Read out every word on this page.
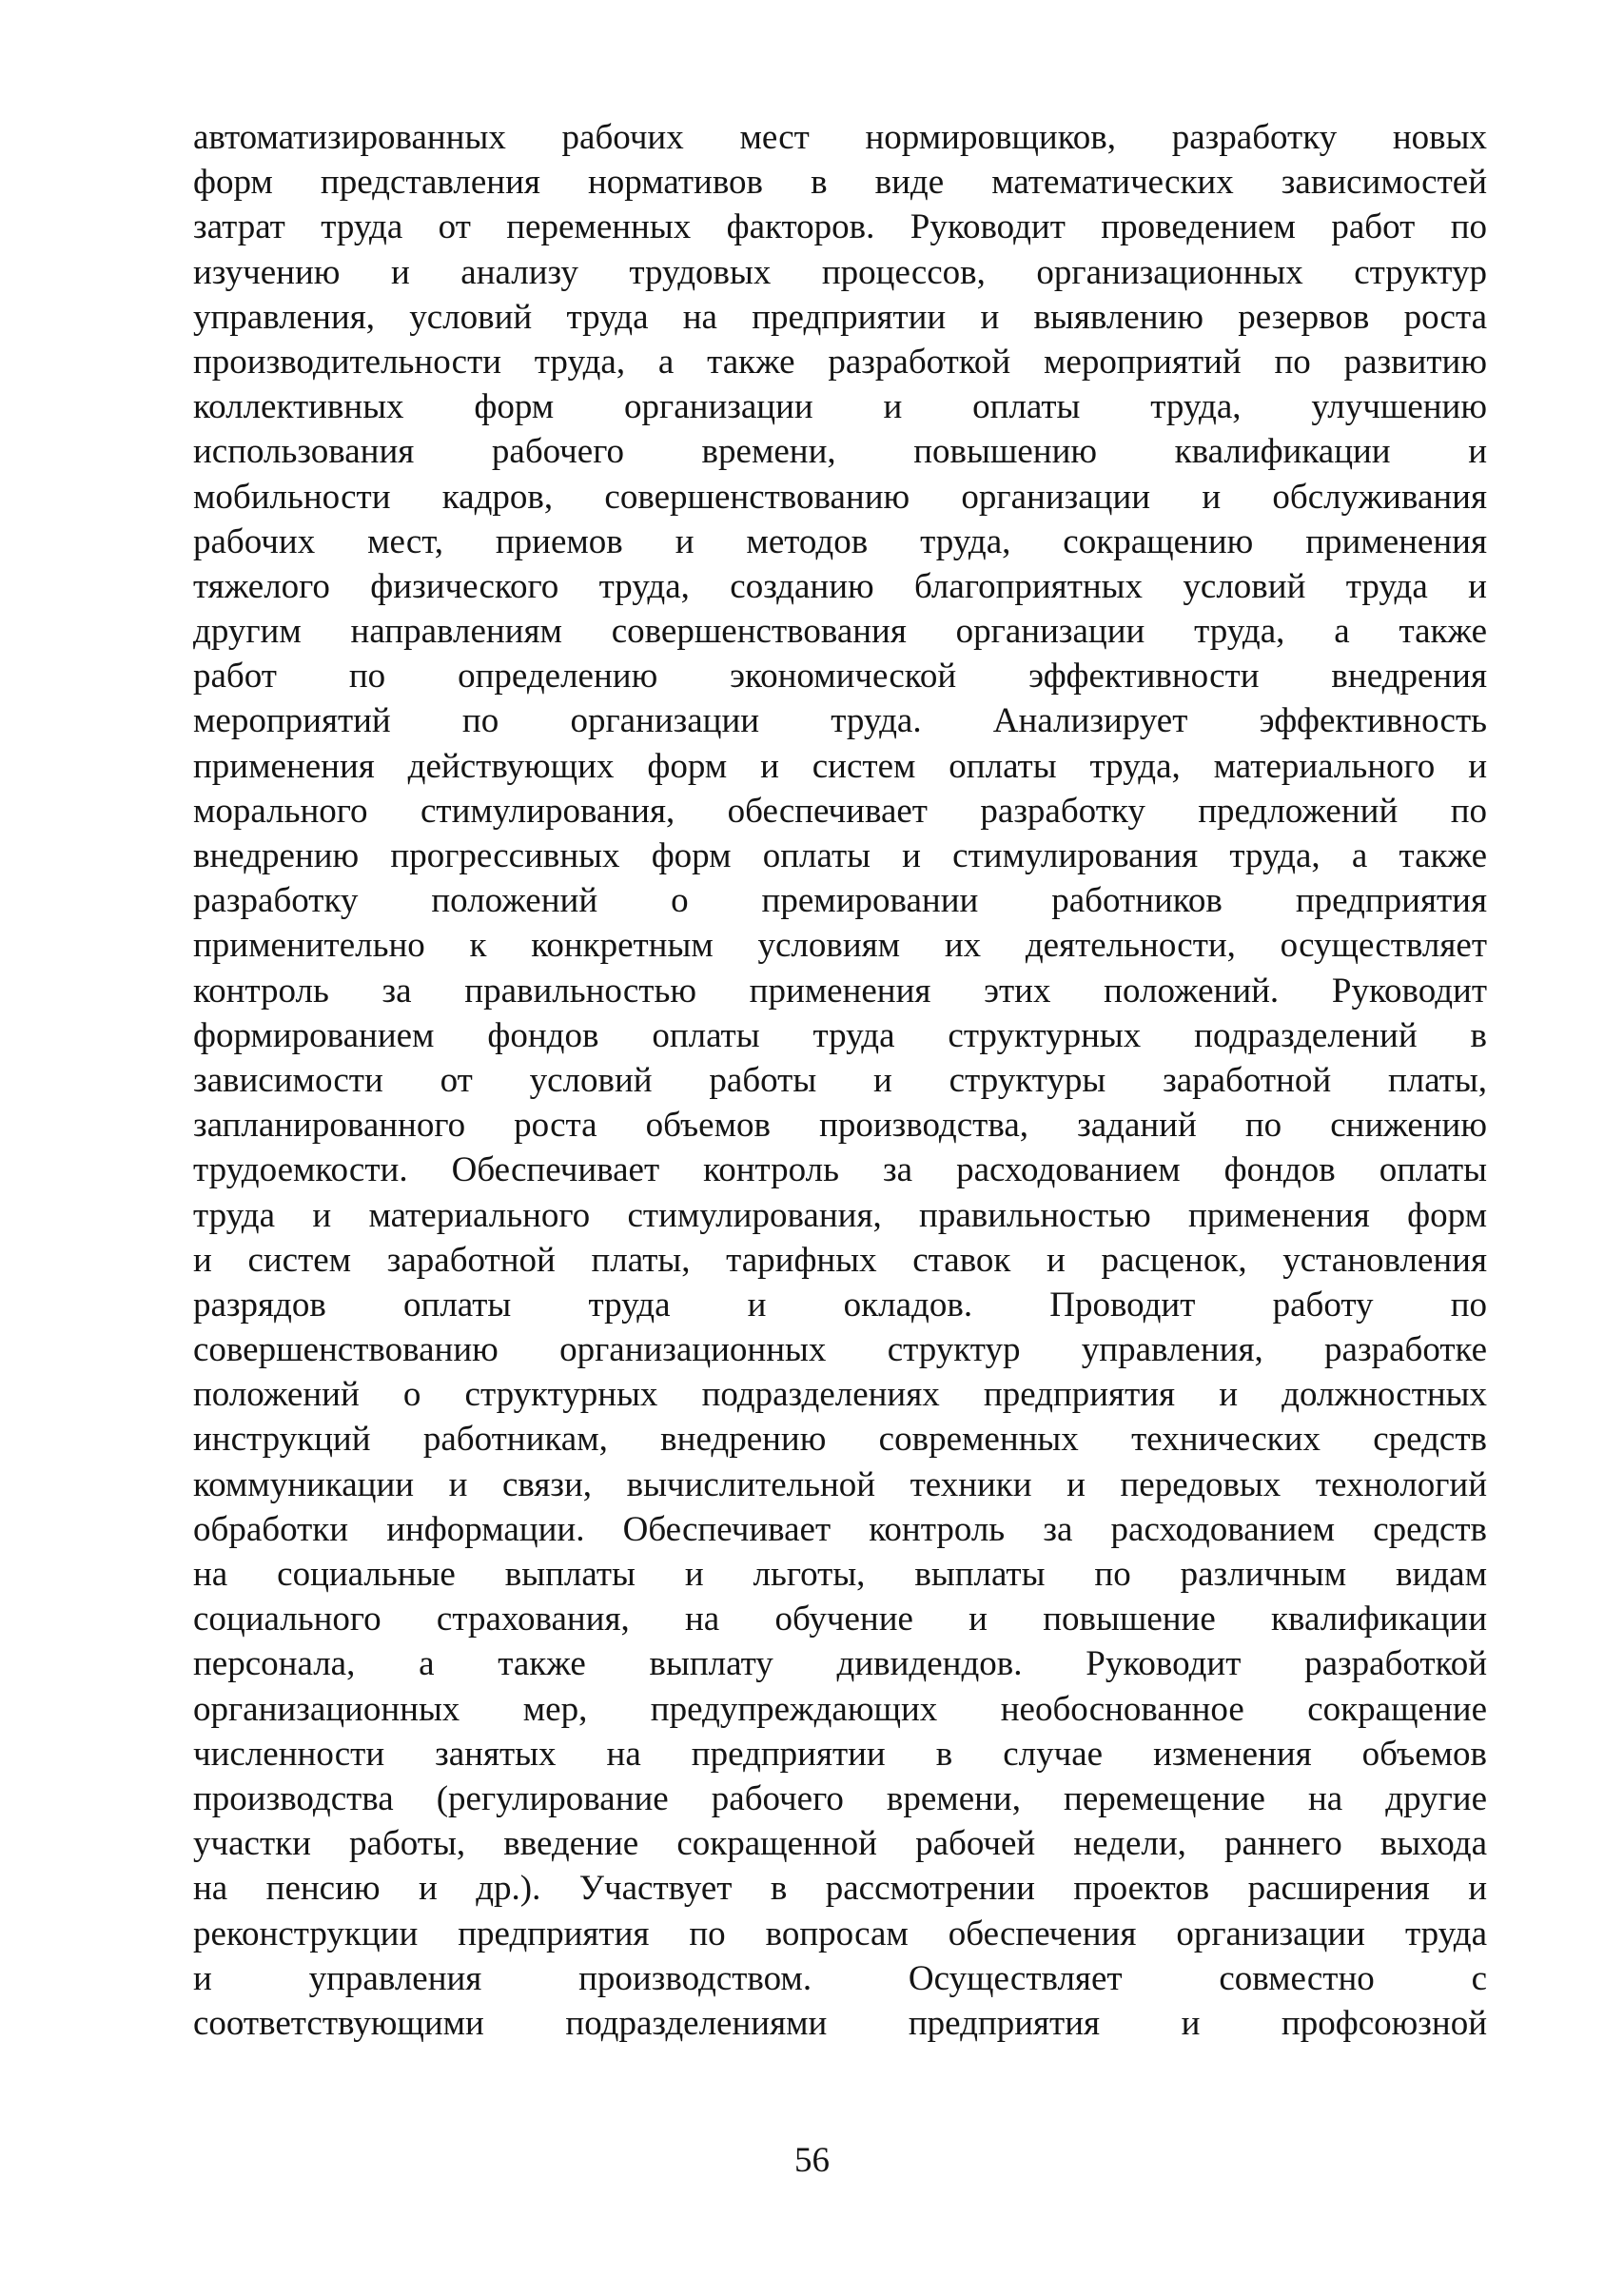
автоматизированных рабочих мест нормировщиков, разработку новых
форм представления нормативов в виде математических зависимостей
затрат труда от переменных факторов. Руководит проведением работ по
изучению и анализу трудовых процессов, организационных структур
управления, условий труда на предприятии и выявлению резервов роста
производительности труда, а также разработкой мероприятий по развитию
коллективных форм организации и оплаты труда, улучшению
использования рабочего времени, повышению квалификации и
мобильности кадров, совершенствованию организации и обслуживания
рабочих мест, приемов и методов труда, сокращению применения
тяжелого физического труда, созданию благоприятных условий труда и
другим направлениям совершенствования организации труда, а также
работ по определению экономической эффективности внедрения
мероприятий по организации труда. Анализирует эффективность
применения действующих форм и систем оплаты труда, материального и
морального стимулирования, обеспечивает разработку предложений по
внедрению прогрессивных форм оплаты и стимулирования труда, а также
разработку положений о премировании работников предприятия
применительно к конкретным условиям их деятельности, осуществляет
контроль за правильностью применения этих положений. Руководит
формированием фондов оплаты труда структурных подразделений в
зависимости от условий работы и структуры заработной платы,
запланированного роста объемов производства, заданий по снижению
трудоемкости. Обеспечивает контроль за расходованием фондов оплаты
труда и материального стимулирования, правильностью применения форм
и систем заработной платы, тарифных ставок и расценок, установления
разрядов оплаты труда и окладов. Проводит работу по
совершенствованию организационных структур управления, разработке
положений о структурных подразделениях предприятия и должностных
инструкций работникам, внедрению современных технических средств
коммуникации и связи, вычислительной техники и передовых технологий
обработки информации. Обеспечивает контроль за расходованием средств
на социальные выплаты и льготы, выплаты по различным видам
социального страхования, на обучение и повышение квалификации
персонала, а также выплату дивидендов. Руководит разработкой
организационных мер, предупреждающих необоснованное сокращение
численности занятых на предприятии в случае изменения объемов
производства (регулирование рабочего времени, перемещение на другие
участки работы, введение сокращенной рабочей недели, раннего выхода
на пенсию и др.). Участвует в рассмотрении проектов расширения и
реконструкции предприятия по вопросам обеспечения организации труда
и управления производством. Осуществляет совместно с
соответствующими подразделениями предприятия и профсоюзной
56
